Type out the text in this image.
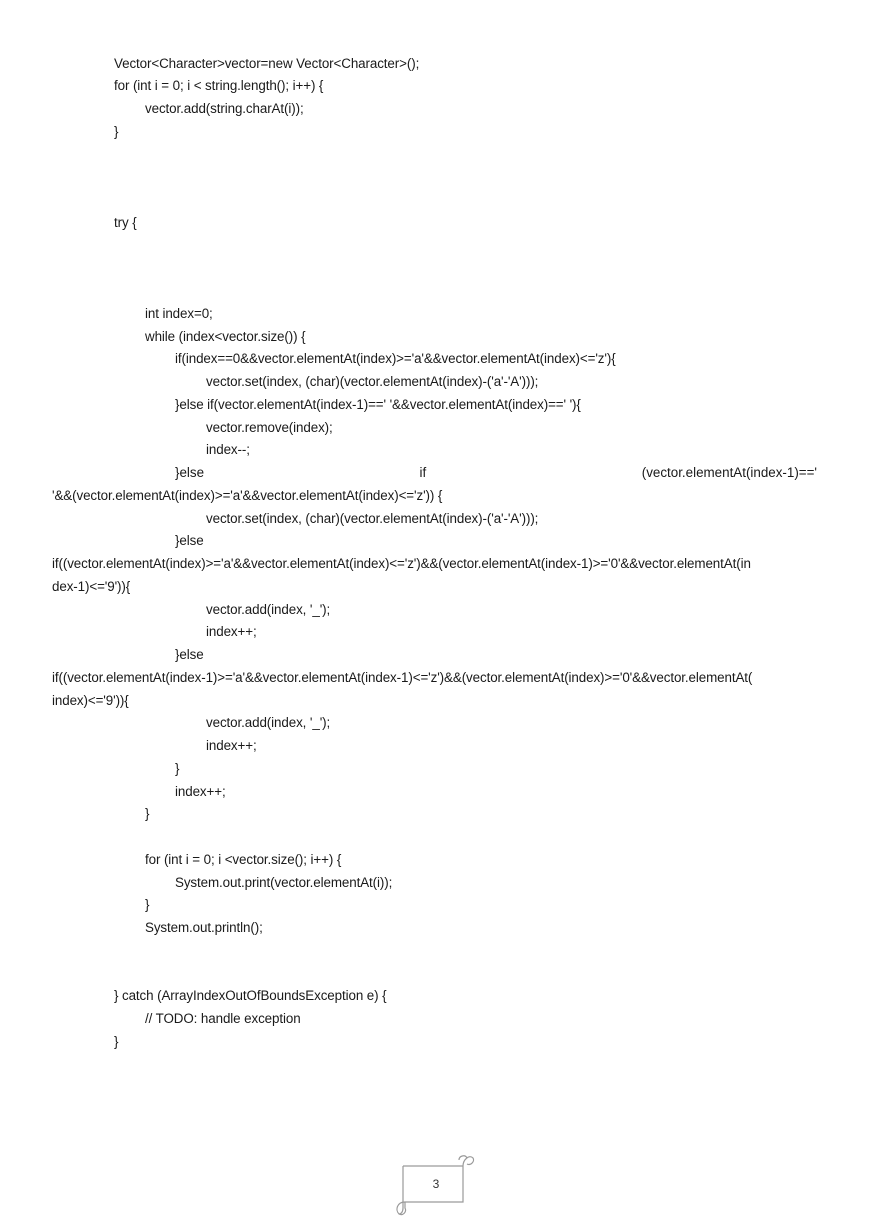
Vector<Character>vector=new Vector<Character>();
for (int i = 0; i < string.length(); i++) {
vector.add(string.charAt(i));
}
try {
int index=0;
while (index<vector.size()) {
if(index==0&&vector.elementAt(index)>='a'&&vector.elementAt(index)<='z'){
vector.set(index, (char)(vector.elementAt(index)-('a'-'A')));
}else if(vector.elementAt(index-1)==' '&&vector.elementAt(index)==' '){
vector.remove(index);
index--;
}else	if	(vector.elementAt(index-1)=='
'&&(vector.elementAt(index)>='a'&&vector.elementAt(index)<='z')) {
vector.set(index, (char)(vector.elementAt(index)-('a'-'A')));
}else
if((vector.elementAt(index)>='a'&&vector.elementAt(index)<='z')&&(vector.elementAt(index-1)>='0'&&vector.elementAt(in
dex-1)<='9')){
vector.add(index, '_');
index++;
}else
if((vector.elementAt(index-1)>='a'&&vector.elementAt(index-1)<='z')&&(vector.elementAt(index)>='0'&&vector.elementAt(
index)<='9')){
vector.add(index, '_');
index++;
}
index++;
}
for (int i = 0; i <vector.size(); i++) {
System.out.print(vector.elementAt(i));
}
System.out.println();
} catch (ArrayIndexOutOfBoundsException e) {
// TODO: handle exception
}
3
